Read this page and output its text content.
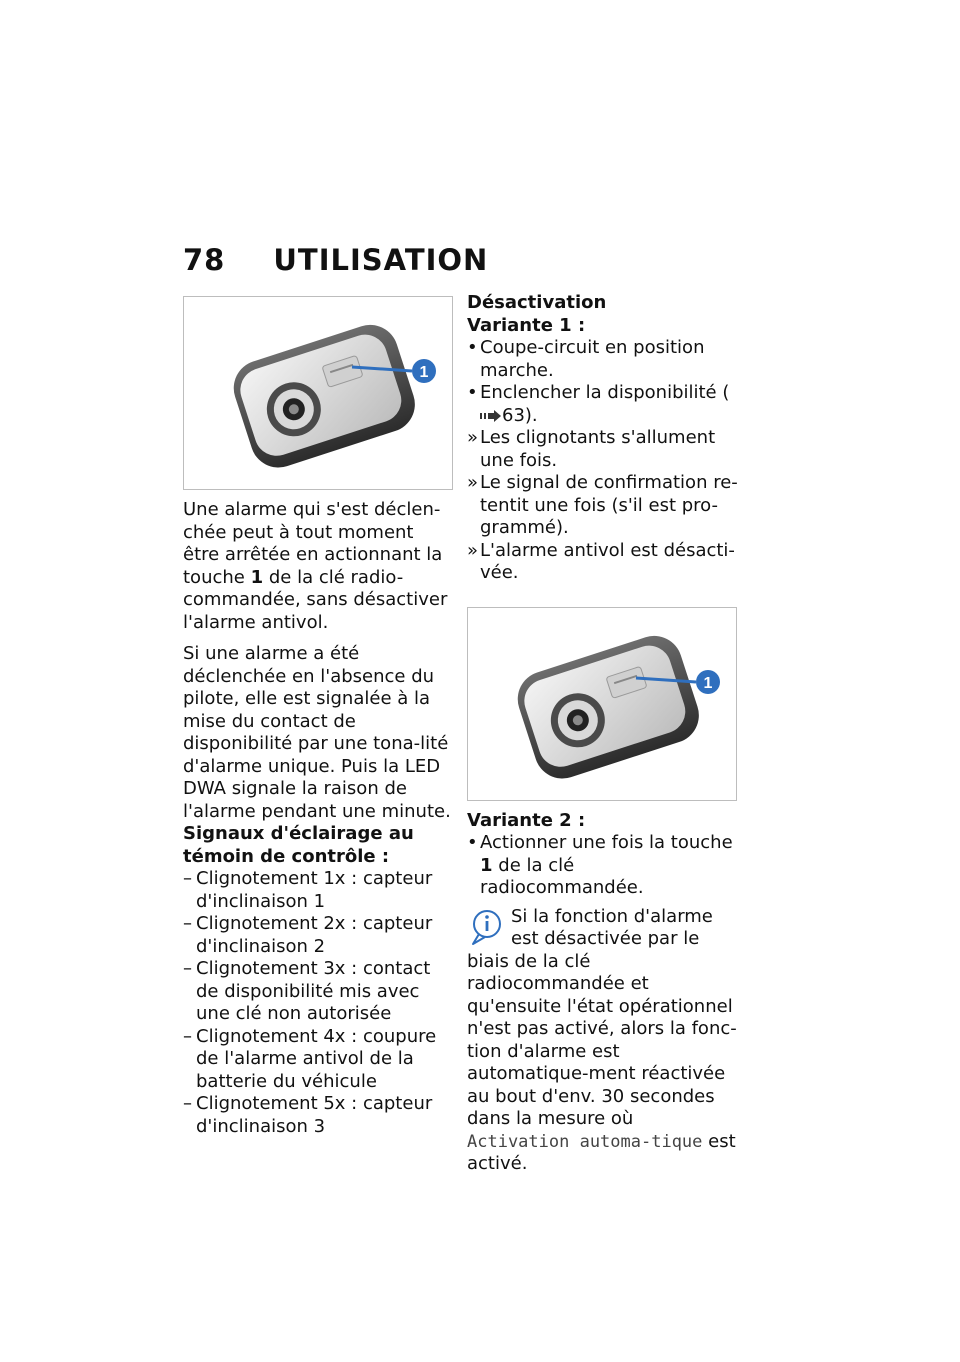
78 UTILISATION
1

Une alarme qui s'est déclen-chée peut à tout moment être arrêtée en actionnant la touche 1 de la clé radio-commandée, sans désactiver l'alarme antivol.

Si une alarme a été déclenchée en l'absence du pilote, elle est signalée à la mise du contact de disponibilité par une tona-lité d'alarme unique. Puis la LED DWA signale la raison de l'alarme pendant une minute.

Signaux d'éclairage au témoin de contrôle :
– Clignotement 1x : capteur d'inclinaison 1
– Clignotement 2x : capteur d'inclinaison 2
– Clignotement 3x : contact de disponibilité mis avec une clé non autorisée
– Clignotement 4x : coupure de l'alarme antivol de la batterie du véhicule
– Clignotement 5x : capteur d'inclinaison 3
Désactivation
Variante 1 :
• Coupe-circuit en position marche.
• Enclencher la disponibilité (63).
» Les clignotants s'allument une fois.
» Le signal de confirmation re-tentit une fois (s'il est pro-grammé).
» L'alarme antivol est désacti-vée.
1
Variante 2 :
• Actionner une fois la touche 1 de la clé radiocommandée.
Si la fonction d'alarme est désactivée par le biais de la clé radiocommandée et qu'ensuite l'état opérationnel n'est pas activé, alors la fonc-tion d'alarme est automatique-ment réactivée au bout d'env. 30 secondes dans la mesure où Activation automa-tique est activé.
